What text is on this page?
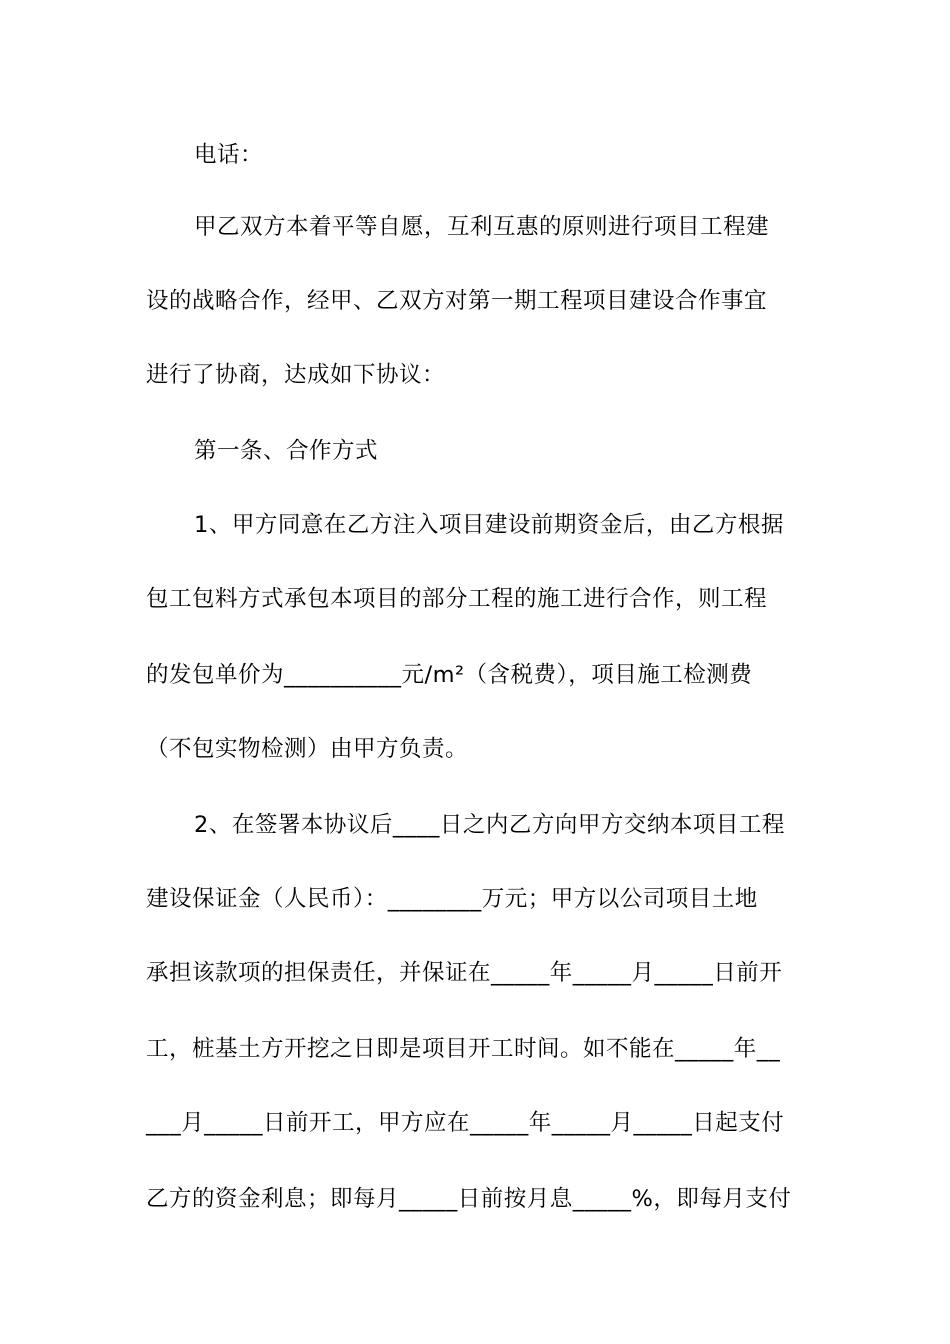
电话：
甲乙双方本着平等自愿，互利互惠的原则进行项目工程建
设的战略合作，经甲、乙双方对第一期工程项目建设合作事宜
进行了协商，达成如下协议：
第一条、合作方式
1、甲方同意在乙方注入项目建设前期资金后，由乙方根据
包工包料方式承包本项目的部分工程的施工进行合作，则工程
的发包单价为__________元/m²（含税费），项目施工检测费
（不包实物检测）由甲方负责。
2、在签署本协议后____日之内乙方向甲方交纳本项目工程
建设保证金（人民币）：________万元；甲方以公司项目土地
承担该款项的担保责任，并保证在_____年_____月_____日前开
工，桩基土方开挖之日即是项目开工时间。如不能在_____年__
___月_____日前开工，甲方应在_____年_____月_____日起支付
乙方的资金利息；即每月_____日前按月息_____%，即每月支付
